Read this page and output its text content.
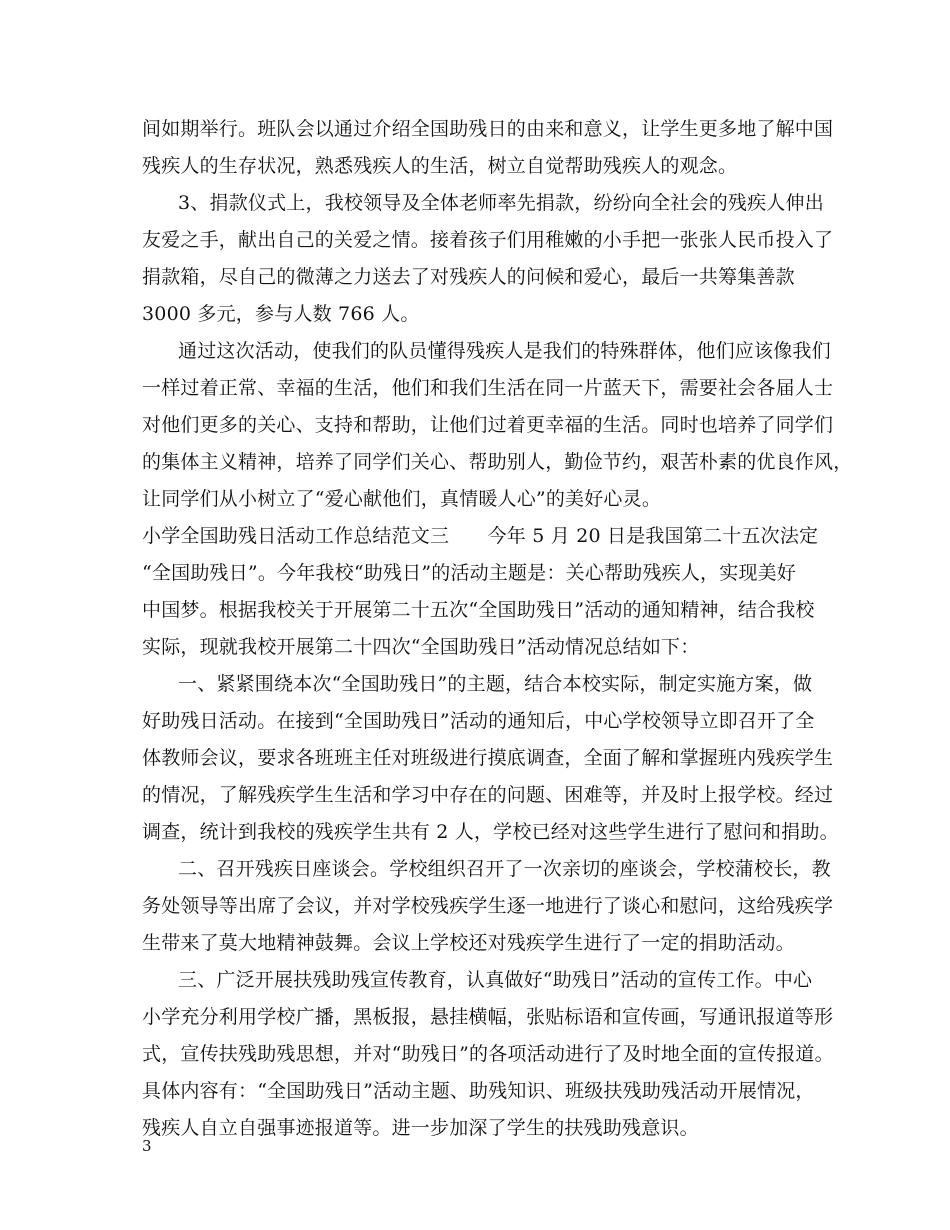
间如期举行。班队会以通过介绍全国助残日的由来和意义，让学生更多地了解中国
残疾人的生存状况，熟悉残疾人的生活，树立自觉帮助残疾人的观念。
3、捐款仪式上，我校领导及全体老师率先捐款，纷纷向全社会的残疾人伸出
友爱之手，献出自己的关爱之情。接着孩子们用稚嫩的小手把一张张人民币投入了
捐款箱，尽自己的微薄之力送去了对残疾人的问候和爱心，最后一共筹集善款
3000 多元，参与人数 766 人。
通过这次活动，使我们的队员懂得残疾人是我们的特殊群体，他们应该像我们
一样过着正常、幸福的生活，他们和我们生活在同一片蓝天下，需要社会各届人士
对他们更多的关心、支持和帮助，让他们过着更幸福的生活。同时也培养了同学们
的集体主义精神，培养了同学们关心、帮助别人，勤俭节约，艰苦朴素的优良作风，
让同学们从小树立了“爱心献他们，真情暖人心”的美好心灵。
小学全国助残日活动工作总结范文三　　今年 5 月 20 日是我国第二十五次法定
“全国助残日”。今年我校“助残日”的活动主题是：关心帮助残疾人，实现美好
中国梦。根据我校关于开展第二十五次“全国助残日”活动的通知精神，结合我校
实际，现就我校开展第二十四次“全国助残日”活动情况总结如下：
一、紧紧围绕本次“全国助残日”的主题，结合本校实际，制定实施方案，做
好助残日活动。在接到“全国助残日”活动的通知后，中心学校领导立即召开了全
体教师会议，要求各班班主任对班级进行摸底调查，全面了解和掌握班内残疾学生
的情况，了解残疾学生生活和学习中存在的问题、困难等，并及时上报学校。经过
调查，统计到我校的残疾学生共有 2 人，学校已经对这些学生进行了慰问和捐助。
二、召开残疾日座谈会。学校组织召开了一次亲切的座谈会，学校蒲校长，教
务处领导等出席了会议，并对学校残疾学生逐一地进行了谈心和慰问，这给残疾学
生带来了莫大地精神鼓舞。会议上学校还对残疾学生进行了一定的捐助活动。
三、广泛开展扶残助残宣传教育，认真做好“助残日”活动的宣传工作。中心
小学充分利用学校广播，黑板报，悬挂横幅，张贴标语和宣传画，写通讯报道等形
式，宣传扶残助残思想，并对“助残日”的各项活动进行了及时地全面的宣传报道。
具体内容有：“全国助残日”活动主题、助残知识、班级扶残助残活动开展情况，
残疾人自立自强事迹报道等。进一步加深了学生的扶残助残意识。
3
